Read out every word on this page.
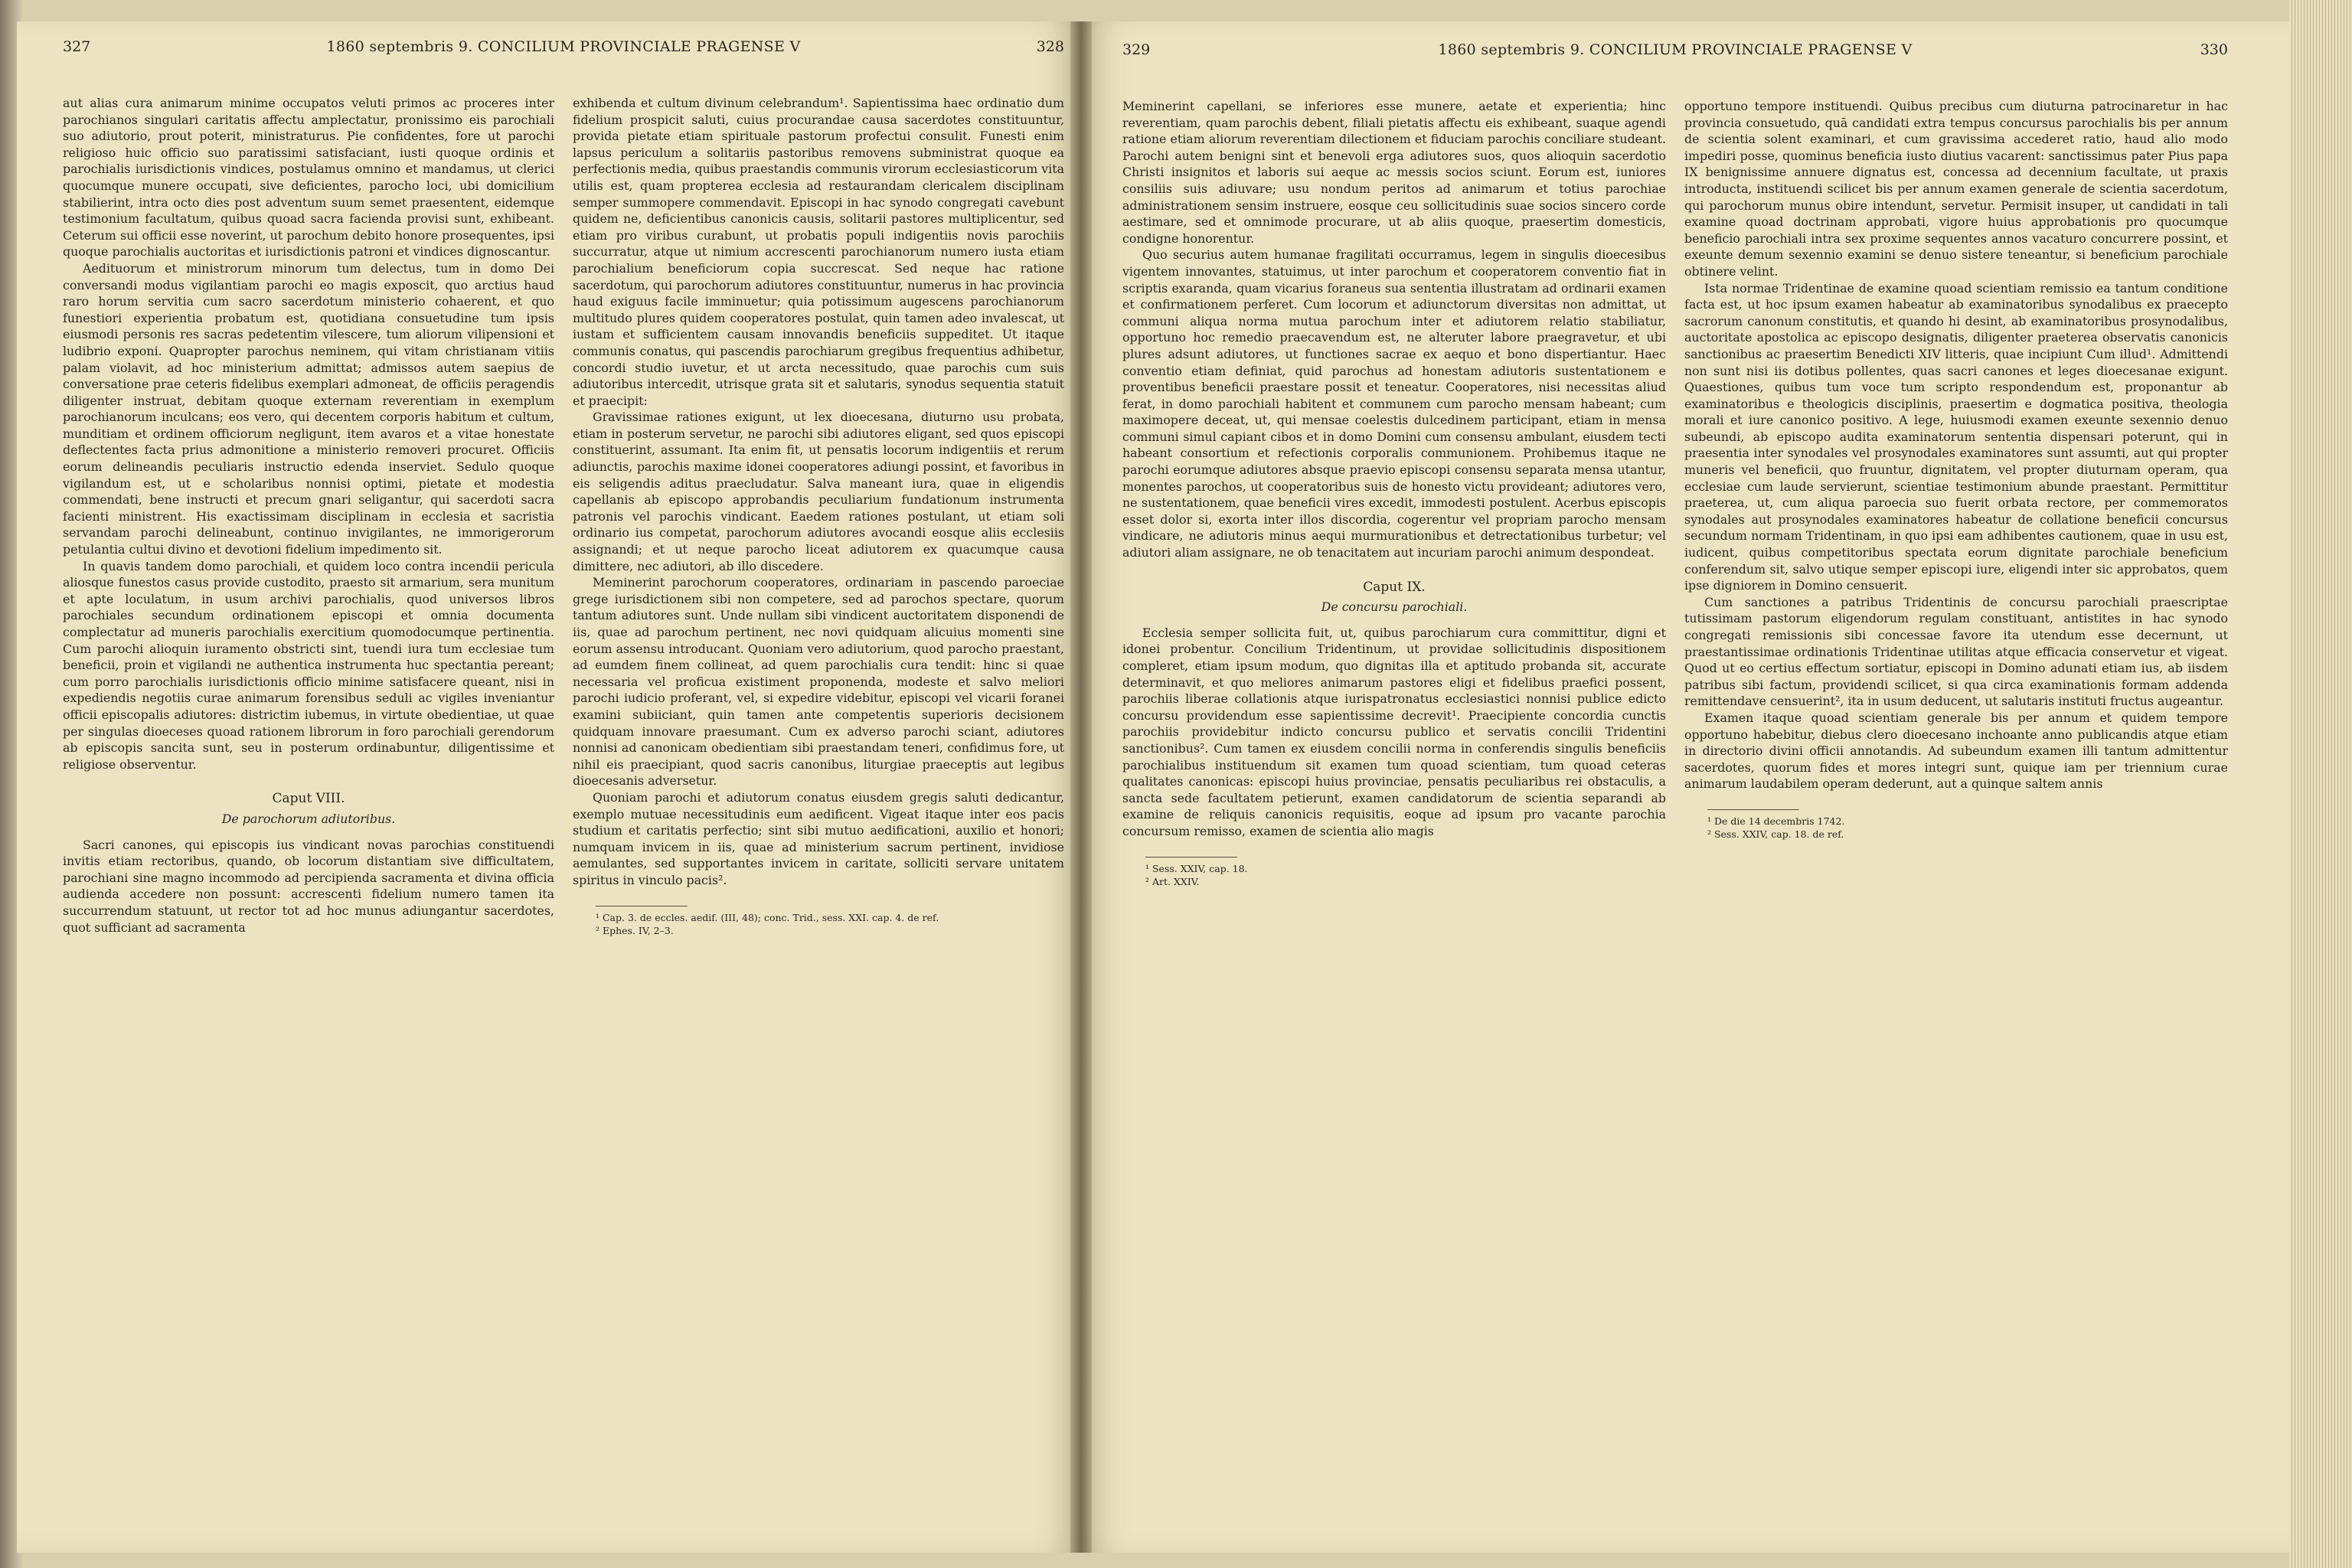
327	1860 septembris 9. CONCILIUM PROVINCIALE PRAGENSE V	328

aut alias cura animarum minime occupatos veluti primos ac proceres inter parochianos singulari caritatis affectu amplectatur, pronissimo eis parochiali suo adiutorio, prout poterit, ministraturus. Pie confidentes, fore ut parochi religioso huic officio suo paratissimi satisfaciant, iusti quoque ordinis et parochialis iurisdictionis vindices, postulamus omnino et mandamus, ut clerici quocumque munere occupati, sive deficientes, parocho loci, ubi domicilium stabilierint, intra octo dies post adventum suum semet praesentent, eidemque testimonium facultatum, quibus quoad sacra facienda provisi sunt, exhibeant. Ceterum sui officii esse noverint, ut parochum debito honore prosequentes, ipsi quoque parochialis auctoritas et iurisdictionis patroni et vindices dignoscantur.

Aedituorum et ministrorum minorum tum delectus, tum in domo Dei conversandi modus vigilantiam parochi eo magis exposcit, quo arctius haud raro horum servitia cum sacro sacerdotum ministerio cohaerent, et quo funestiori experientia probatum est, quotidiana consuetudine tum ipsis eiusmodi personis res sacras pedetentim vilescere, tum aliorum vilipensioni et ludibrio exponi. Quapropter parochus neminem, qui vitam christianam vitiis palam violavit, ad hoc ministerium admittat; admissos autem saepius de conversatione prae ceteris fidelibus exemplari admoneat, de officiis peragendis diligenter instruat, debitam quoque externam reverentiam in exemplum parochianorum inculcans; eos vero, qui decentem corporis habitum et cultum, munditiam et ordinem officiorum negligunt, item avaros et a vitae honestate deflectentes facta prius admonitione a ministerio removeri procuret. Officiis eorum delineandis peculiaris instructio edenda inserviet. Sedulo quoque vigilandum est, ut e scholaribus nonnisi optimi, pietate et modestia commendati, bene instructi et precum gnari seligantur, qui sacerdoti sacra facienti ministrent. His exactissimam disciplinam in ecclesia et sacristia servandam parochi delineabunt, continuo invigilantes, ne immorigerorum petulantia cultui divino et devotioni fidelium impedimento sit.

In quavis tandem domo parochiali, et quidem loco contra incendii pericula aliosque funestos casus provide custodito, praesto sit armarium, sera munitum et apte loculatum, in usum archivi parochialis, quod universos libros parochiales secundum ordinationem episcopi et omnia documenta complectatur ad muneris parochialis exercitium quomodocumque pertinentia. Cum parochi alioquin iuramento obstricti sint, tuendi iura tum ecclesiae tum beneficii, proin et vigilandi ne authentica instrumenta huc spectantia pereant; cum porro parochialis iurisdictionis officio minime satisfacere queant, nisi in expediendis negotiis curae animarum forensibus seduli ac vigiles inveniantur officii episcopalis adiutores: districtim iubemus, in virtute obedientiae, ut quae per singulas dioeceses quoad rationem librorum in foro parochiali gerendorum ab episcopis sancita sunt, seu in posterum ordinabuntur, diligentissime et religiose observentur.

Caput VIII.
De parochorum adiutoribus.

Sacri canones, qui episcopis ius vindicant novas parochias constituendi invitis etiam rectoribus, quando, ob locorum distantiam sive difficultatem, parochiani sine magno incommodo ad percipienda sacramenta et divina officia audienda accedere non possunt: accrescenti fidelium numero tamen ita succurrendum statuunt, ut rector tot ad hoc munus adiungantur sacerdotes, quot sufficiant ad sacramenta

exhibenda et cultum divinum celebrandum¹. Sapientissima haec ordinatio dum fidelium prospicit saluti, cuius procurandae causa sacerdotes constituuntur, provida pietate etiam spirituale pastorum profectui consulit. Funesti enim lapsus periculum a solitariis pastoribus removens subministrat quoque ea perfectionis media, quibus praestandis communis virorum ecclesiasticorum vita utilis est, quam propterea ecclesia ad restaurandam clericalem disciplinam semper summopere commendavit. Episcopi in hac synodo congregati cavebunt quidem ne, deficientibus canonicis causis, solitarii pastores multiplicentur, sed etiam pro viribus curabunt, ut probatis populi indigentiis novis parochiis succurratur, atque ut nimium accrescenti parochianorum numero iusta etiam parochialium beneficiorum copia succrescat. Sed neque hac ratione sacerdotum, qui parochorum adiutores constituuntur, numerus in hac provincia haud exiguus facile imminuetur; quia potissimum augescens parochianorum multitudo plures quidem cooperatores postulat, quin tamen adeo invalescat, ut iustam et sufficientem causam innovandis beneficiis suppeditet. Ut itaque communis conatus, qui pascendis parochiarum gregibus frequentius adhibetur, concordi studio iuvetur, et ut arcta necessitudo, quae parochis cum suis adiutoribus intercedit, utrisque grata sit et salutaris, synodus sequentia statuit et praecipit:

Gravissimae rationes exigunt, ut lex dioecesana, diuturno usu probata, etiam in posterum servetur, ne parochi sibi adiutores eligant, sed quos episcopi constituerint, assumant. Ita enim fit, ut pensatis locorum indigentiis et rerum adiunctis, parochis maxime idonei cooperatores adiungi possint, et favoribus in eis seligendis aditus praecludatur. Salva maneant iura, quae in eligendis capellanis ab episcopo approbandis peculiarium fundationum instrumenta patronis vel parochis vindicant. Eaedem rationes postulant, ut etiam soli ordinario ius competat, parochorum adiutores avocandi eosque aliis ecclesiis assignandi; et ut neque parocho liceat adiutorem ex quacumque causa dimittere, nec adiutori, ab illo discedere.

Meminerint parochorum cooperatores, ordinariam in pascendo paroeciae grege iurisdictionem sibi non competere, sed ad parochos spectare, quorum tantum adiutores sunt. Unde nullam sibi vindicent auctoritatem disponendi de iis, quae ad parochum pertinent, nec novi quidquam alicuius momenti sine eorum assensu introducant. Quoniam vero adiutorium, quod parocho praestant, ad eumdem finem collineat, ad quem parochialis cura tendit: hinc si quae necessaria vel proficua existiment proponenda, modeste et salvo meliori parochi iudicio proferant, vel, si expedire videbitur, episcopi vel vicarii foranei examini subiiciant, quin tamen ante competentis superioris decisionem quidquam innovare praesumant. Cum ex adverso parochi sciant, adiutores nonnisi ad canonicam obedientiam sibi praestandam teneri, confidimus fore, ut nihil eis praecipiant, quod sacris canonibus, liturgiae praeceptis aut legibus dioecesanis adversetur.

Quoniam parochi et adiutorum conatus eiusdem gregis saluti dedicantur, exemplo mutuae necessitudinis eum aedificent. Vigeat itaque inter eos pacis studium et caritatis perfectio; sint sibi mutuo aedificationi, auxilio et honori; numquam invicem in iis, quae ad ministerium sacrum pertinent, invidiose aemulantes, sed supportantes invicem in caritate, solliciti servare unitatem spiritus in vinculo pacis².

¹ Cap. 3. de eccles. aedif. (III, 48); conc. Trid., sess. XXI. cap. 4. de ref.
² Ephes. IV, 2–3.
329	1860 septembris 9. CONCILIUM PROVINCIALE PRAGENSE V	330

Meminerint capellani, se inferiores esse munere, aetate et experientia; hinc reverentiam, quam parochis debent, filiali pietatis affectu eis exhibeant, suaque agendi ratione etiam aliorum reverentiam dilectionem et fiduciam parochis conciliare studeant. Parochi autem benigni sint et benevoli erga adiutores suos, quos alioquin sacerdotio Christi insignitos et laboris sui aeque ac messis socios sciunt. Eorum est, iuniores consiliis suis adiuvare; usu nondum peritos ad animarum et totius parochiae administrationem sensim instruere, eosque ceu sollicitudinis suae socios sincero corde aestimare, sed et omnimode procurare, ut ab aliis quoque, praesertim domesticis, condigne honorentur.

Quo securius autem humanae fragilitati occurramus, legem in singulis dioecesibus vigentem innovantes, statuimus, ut inter parochum et cooperatorem conventio fiat in scriptis exaranda, quam vicarius foraneus sua sententia illustratam ad ordinarii examen et confirmationem perferet. Cum locorum et adiunctorum diversitas non admittat, ut communi aliqua norma mutua parochum inter et adiutorem relatio stabiliatur, opportuno hoc remedio praecavendum est, ne alteruter labore praegravetur, et ubi plures adsunt adiutores, ut functiones sacrae ex aequo et bono dispertiantur. Haec conventio etiam definiat, quid parochus ad honestam adiutoris sustentationem e proventibus beneficii praestare possit et teneatur. Cooperatores, nisi necessitas aliud ferat, in domo parochiali habitent et communem cum parocho mensam habeant; cum maximopere deceat, ut, qui mensae coelestis dulcedinem participant, etiam in mensa communi simul capiant cibos et in domo Domini cum consensu ambulant, eiusdem tecti habeant consortium et refectionis corporalis communionem. Prohibemus itaque ne parochi eorumque adiutores absque praevio episcopi consensu separata mensa utantur, monentes parochos, ut cooperatoribus suis de honesto victu provideant; adiutores vero, ne sustentationem, quae beneficii vires excedit, immodesti postulent. Acerbus episcopis esset dolor si, exorta inter illos discordia, cogerentur vel propriam parocho mensam vindicare, ne adiutoris minus aequi murmurationibus et detrectationibus turbetur; vel adiutori aliam assignare, ne ob tenacitatem aut incuriam parochi animum despondeat.

Caput IX.
De concursu parochiali.

Ecclesia semper sollicita fuit, ut, quibus parochiarum cura committitur, digni et idonei probentur. Concilium Tridentinum, ut providae sollicitudinis dispositionem compleret, etiam ipsum modum, quo dignitas illa et aptitudo probanda sit, accurate determinavit, et quo meliores animarum pastores eligi et fidelibus praefici possent, parochiis liberae collationis atque iurispatronatus ecclesiastici nonnisi publice edicto concursu providendum esse sapientissime decrevit¹. Praecipiente concordia cunctis parochiis providebitur indicto concursu publico et servatis concilii Tridentini sanctionibus². Cum tamen ex eiusdem concilii norma in conferendis singulis beneficiis parochialibus instituendum sit examen tum quoad scientiam, tum quoad ceteras qualitates canonicas: episcopi huius provinciae, pensatis peculiaribus rei obstaculis, a sancta sede facultatem petierunt, examen candidatorum de scientia separandi ab examine de reliquis canonicis requisitis, eoque ad ipsum pro vacante parochia concursum remisso, examen de scientia alio magis

¹ Sess. XXIV, cap. 18.
² Art. XXIV.

opportuno tempore instituendi. Quibus precibus cum diuturna patrocinaretur in hac provincia consuetudo, quā candidati extra tempus concursus parochialis bis per annum de scientia solent examinari, et cum gravissima accederet ratio, haud alio modo impediri posse, quominus beneficia iusto diutius vacarent: sanctissimus pater Pius papa IX benignissime annuere dignatus est, concessa ad decennium facultate, ut praxis introducta, instituendi scilicet bis per annum examen generale de scientia sacerdotum, qui parochorum munus obire intendunt, servetur. Permisit insuper, ut candidati in tali examine quoad doctrinam approbati, vigore huius approbationis pro quocumque beneficio parochiali intra sex proxime sequentes annos vacaturo concurrere possint, et exeunte demum sexennio examini se denuo sistere teneantur, si beneficium parochiale obtinere velint.

Ista normae Tridentinae de examine quoad scientiam remissio ea tantum conditione facta est, ut hoc ipsum examen habeatur ab examinatoribus synodalibus ex praecepto sacrorum canonum constitutis, et quando hi desint, ab examinatoribus prosynodalibus, auctoritate apostolica ac episcopo designatis, diligenter praeterea observatis canonicis sanctionibus ac praesertim Benedicti XIV litteris, quae incipiunt Cum illud¹. Admittendi non sunt nisi iis dotibus pollentes, quas sacri canones et leges dioecesanae exigunt. Quaestiones, quibus tum voce tum scripto respondendum est, proponantur ab examinatoribus e theologicis disciplinis, praesertim e dogmatica positiva, theologia morali et iure canonico positivo. A lege, huiusmodi examen exeunte sexennio denuo subeundi, ab episcopo audita examinatorum sententia dispensari poterunt, qui in praesentia inter synodales vel prosynodales examinatores sunt assumti, aut qui propter muneris vel beneficii, quo fruuntur, dignitatem, vel propter diuturnam operam, qua ecclesiae cum laude servierunt, scientiae testimonium abunde praestant. Permittitur praeterea, ut, cum aliqua paroecia suo fuerit orbata rectore, per commemoratos synodales aut prosynodales examinatores habeatur de collatione beneficii concursus secundum normam Tridentinam, in quo ipsi eam adhibentes cautionem, quae in usu est, iudicent, quibus competitoribus spectata eorum dignitate parochiale beneficium conferendum sit, salvo utique semper episcopi iure, eligendi inter sic approbatos, quem ipse digniorem in Domino censuerit.

Cum sanctiones a patribus Tridentinis de concursu parochiali praescriptae tutissimam pastorum eligendorum regulam constituant, antistites in hac synodo congregati remissionis sibi concessae favore ita utendum esse decernunt, ut praestantissimae ordinationis Tridentinae utilitas atque efficacia conservetur et vigeat. Quod ut eo certius effectum sortiatur, episcopi in Domino adunati etiam ius, ab iisdem patribus sibi factum, providendi scilicet, si qua circa examinationis formam addenda remittendave censuerint², ita in usum deducent, ut salutaris instituti fructus augeantur.

Examen itaque quoad scientiam generale bis per annum et quidem tempore opportuno habebitur, diebus clero dioecesano inchoante anno publicandis atque etiam in directorio divini officii annotandis. Ad subeundum examen illi tantum admittentur sacerdotes, quorum fides et mores integri sunt, quique iam per triennium curae animarum laudabilem operam dederunt, aut a quinque saltem annis

¹ De die 14 decembris 1742.
² Sess. XXIV, cap. 18. de ref.
